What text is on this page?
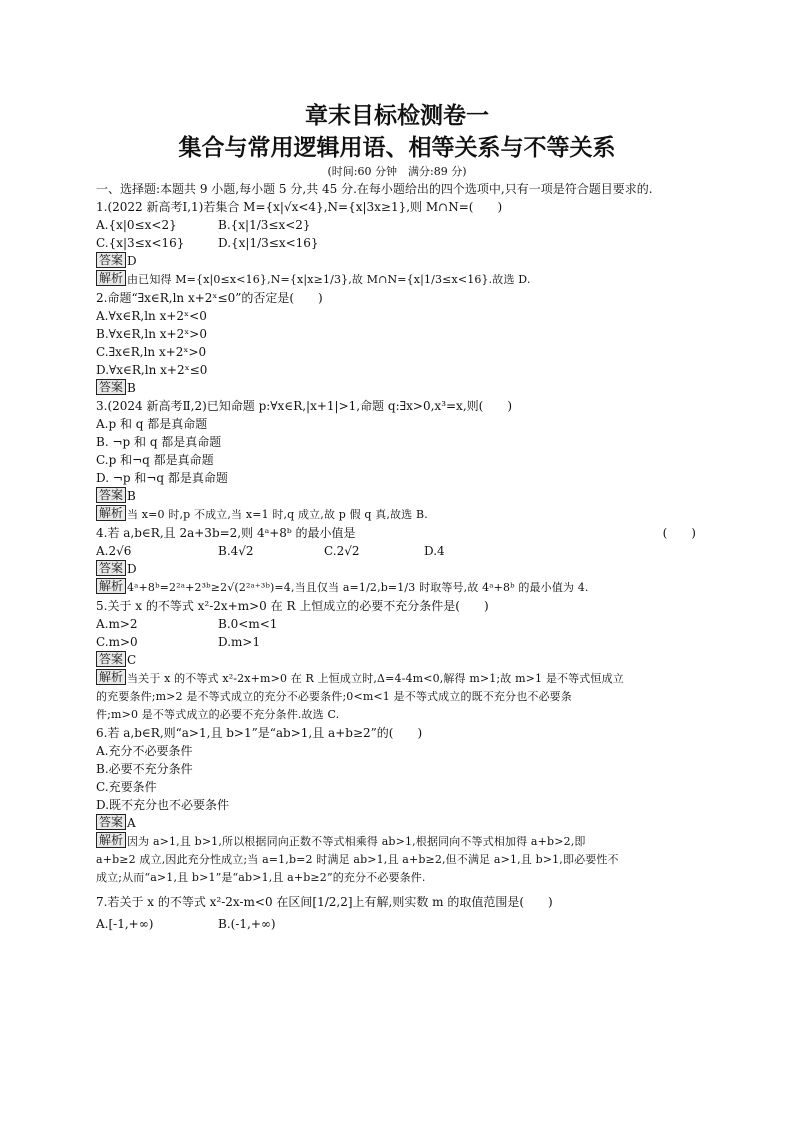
章末目标检测卷一
集合与常用逻辑用语、相等关系与不等关系
(时间:60 分钟　满分:89 分)
一、选择题:本题共 9 小题,每小题 5 分,共 45 分.在每小题给出的四个选项中,只有一项是符合题目要求的.
1.(2022 新高考Ⅰ,1)若集合 M={x|√x<4},N={x|3x≥1},则 M∩N=(　　)
A.{x|0≤x<2}	B.{x|1/3≤x<2}
C.{x|3≤x<16}	D.{x|1/3≤x<16}
答案 D
解析 由已知得 M={x|0≤x<16},N={x|x≥1/3},故 M∩N={x|1/3≤x<16}.故选 D.
2.命题“∃x∈R,ln x+2ˣ≤0”的否定是(　　)
A.∀x∈R,ln x+2ˣ<0
B.∀x∈R,ln x+2ˣ>0
C.∃x∈R,ln x+2ˣ>0
D.∀x∈R,ln x+2ˣ≤0
答案 B
3.(2024 新高考Ⅱ,2)已知命题 p:∀x∈R,|x+1|>1,命题 q:∃x>0,x³=x,则(　　)
A.p 和 q 都是真命题
B. ¬p 和 q 都是真命题
C.p 和¬q 都是真命题
D. ¬p 和¬q 都是真命题
答案 B
解析 当 x=0 时,p 不成立,当 x=1 时,q 成立,故 p 假 q 真,故选 B.
4.若 a,b∈R,且 2a+3b=2,则 4ᵃ+8ᵇ 的最小值是	(　　)
A.2√6	B.4√2	C.2√2	D.4
答案 D
解析 4ᵃ+8ᵇ=2²ᵃ+2³ᵇ≥2√(2²ᵃ⁺³ᵇ)=4,当且仅当 a=1/2,b=1/3 时取等号,故 4ᵃ+8ᵇ 的最小值为 4.
5.关于 x 的不等式 x²-2x+m>0 在 R 上恒成立的必要不充分条件是(　　)
A.m>2	B.0<m<1
C.m>0	D.m>1
答案 C
解析 当关于 x 的不等式 x²-2x+m>0 在 R 上恒成立时,Δ=4-4m<0,解得 m>1;故 m>1 是不等式恒成立
的充要条件;m>2 是不等式成立的充分不必要条件;0<m<1 是不等式成立的既不充分也不必要条
件;m>0 是不等式成立的必要不充分条件.故选 C.
6.若 a,b∈R,则“a>1,且 b>1”是“ab>1,且 a+b≥2”的(　　)
A.充分不必要条件
B.必要不充分条件
C.充要条件
D.既不充分也不必要条件
答案 A
解析 因为 a>1,且 b>1,所以根据同向正数不等式相乘得 ab>1,根据同向不等式相加得 a+b>2,即
a+b≥2 成立,因此充分性成立;当 a=1,b=2 时满足 ab>1,且 a+b≥2,但不满足 a>1,且 b>1,即必要性不
成立;从而“a>1,且 b>1”是“ab>1,且 a+b≥2”的充分不必要条件.
7.若关于 x 的不等式 x²-2x-m<0 在区间[1/2,2]上有解,则实数 m 的取值范围是(　　)
A.[-1,+∞)	B.(-1,+∞)
